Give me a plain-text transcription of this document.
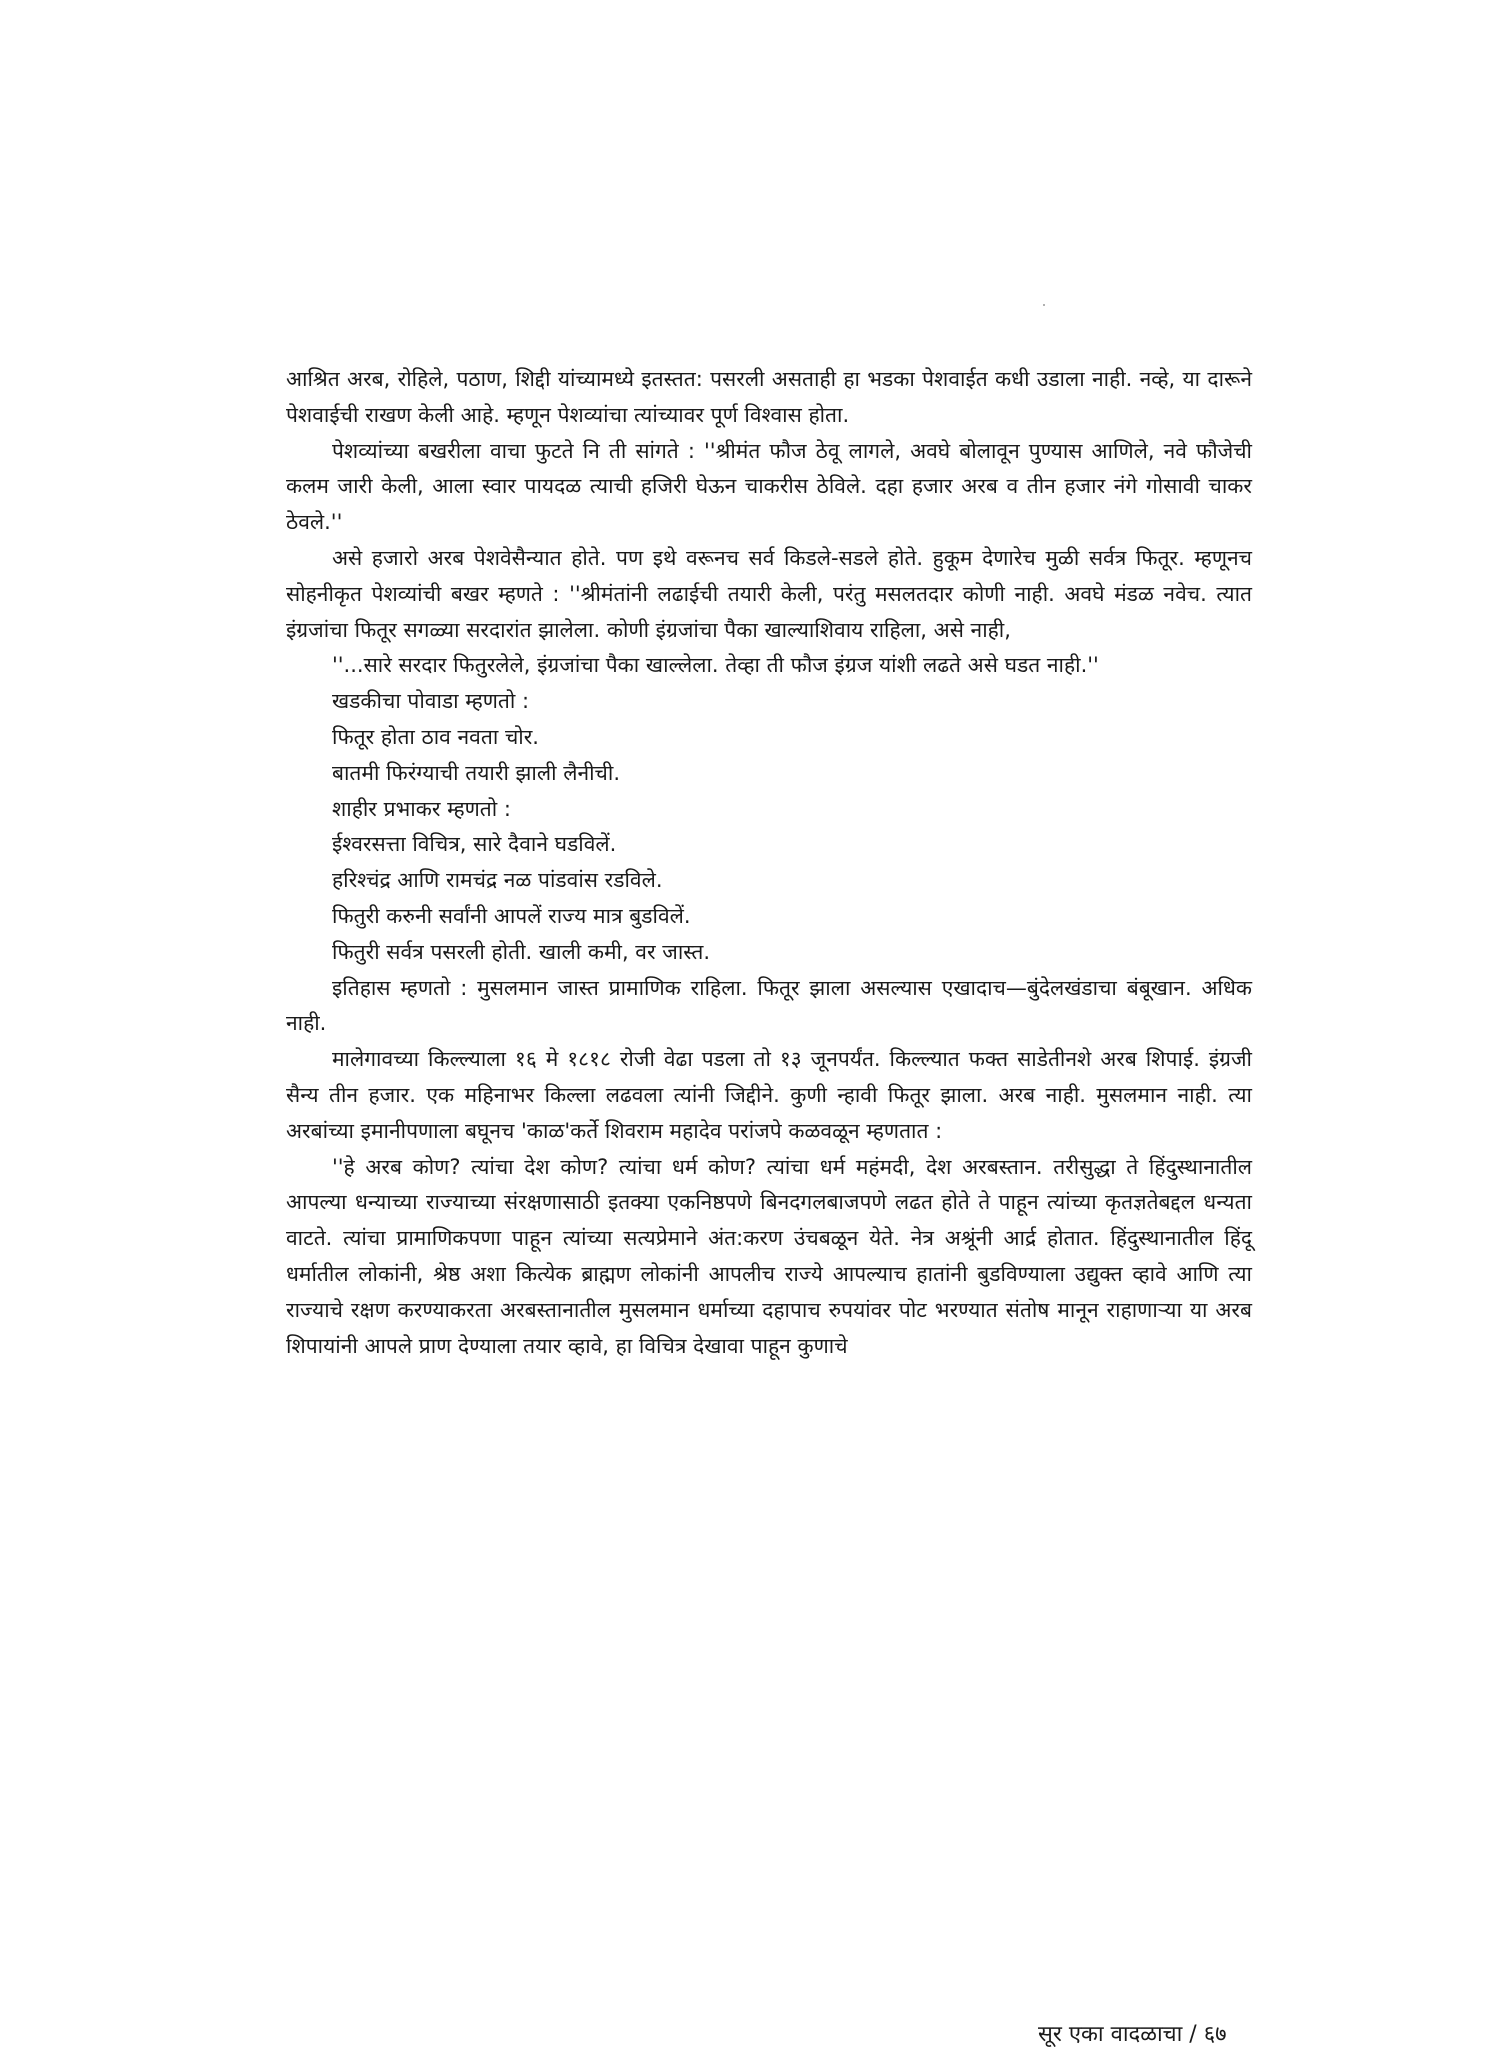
आश्रित अरब, रोहिले, पठाण, शिद्दी यांच्यामध्ये इतस्तत: पसरली असताही हा भडका पेशवाईत कधी उडाला नाही. नव्हे, या दारूने पेशवाईची राखण केली आहे. म्हणून पेशव्यांचा त्यांच्यावर पूर्ण विश्वास होता.

पेशव्यांच्या बखरीला वाचा फुटते नि ती सांगते : ''श्रीमंत फौज ठेवू लागले, अवघे बोलावून पुण्यास आणिले, नवे फौजेची कलम जारी केली, आला स्वार पायदळ त्याची हजिरी घेऊन चाकरीस ठेविले. दहा हजार अरब व तीन हजार नंगे गोसावी चाकर ठेवले.''

असे हजारो अरब पेशवेसैन्यात होते. पण इथे वरूनच सर्व किडले-सडले होते. हुकूम देणारेच मुळी सर्वत्र फितूर. म्हणूनच सोहनीकृत पेशव्यांची बखर म्हणते : ''श्रीमंतांनी लढाईची तयारी केली, परंतु मसलतदार कोणी नाही. अवघे मंडळ नवेच. त्यात इंग्रजांचा फितूर सगळ्या सरदारांत झालेला. कोणी इंग्रजांचा पैका खाल्याशिवाय राहिला, असे नाही,

''...सारे सरदार फितुरलेले, इंग्रजांचा पैका खाल्लेला. तेव्हा ती फौज इंग्रज यांशी लढते असे घडत नाही.''

खडकीचा पोवाडा म्हणतो :

फितूर होता ठाव नवता चोर.

बातमी फिरंग्याची तयारी झाली लैनीची.

शाहीर प्रभाकर म्हणतो :

ईश्वरसत्ता विचित्र, सारे दैवाने घडविलें.

हरिश्चंद्र आणि रामचंद्र नळ पांडवांस रडविले.

फितुरी करुनी सर्वांनी आपलें राज्य मात्र बुडविलें.

फितुरी सर्वत्र पसरली होती. खाली कमी, वर जास्त.

इतिहास म्हणतो : मुसलमान जास्त प्रामाणिक राहिला. फितूर झाला असल्यास एखादाच—बुंदेलखंडाचा बंबूखान. अधिक नाही.

मालेगावच्या किल्ल्याला १६ मे १८१८ रोजी वेढा पडला तो १३ जूनपर्यंत. किल्ल्यात फक्त साडेतीनशे अरब शिपाई. इंग्रजी सैन्य तीन हजार. एक महिनाभर किल्ला लढवला त्यांनी जिद्दीने. कुणी न्हावी फितूर झाला. अरब नाही. मुसलमान नाही. त्या अरबांच्या इमानीपणाला बघूनच 'काळ'कर्ते शिवराम महादेव परांजपे कळवळून म्हणतात :

''हे अरब कोण? त्यांचा देश कोण? त्यांचा धर्म कोण? त्यांचा धर्म महंमदी, देश अरबस्तान. तरीसुद्धा ते हिंदुस्थानातील आपल्या धन्याच्या राज्याच्या संरक्षणासाठी इतक्या एकनिष्ठपणे बिनदगलबाजपणे लढत होते ते पाहून त्यांच्या कृतज्ञतेबद्दल धन्यता वाटते. त्यांचा प्रामाणिकपणा पाहून त्यांच्या सत्यप्रेमाने अंत:करण उंचबळून येते. नेत्र अश्रूंनी आर्द्र होतात. हिंदुस्थानातील हिंदू धर्मातील लोकांनी, श्रेष्ठ अशा कित्येक ब्राह्मण लोकांनी आपलीच राज्ये आपल्याच हातांनी बुडविण्याला उद्युक्त व्हावे आणि त्या राज्याचे रक्षण करण्याकरता अरबस्तानातील मुसलमान धर्माच्या दहापाच रुपयांवर पोट भरण्यात संतोष मानून राहाणाऱ्या या अरब शिपायांनी आपले प्राण देण्याला तयार व्हावे, हा विचित्र देखावा पाहून कुणाचे

सूर एका वादळाचा / ६७
